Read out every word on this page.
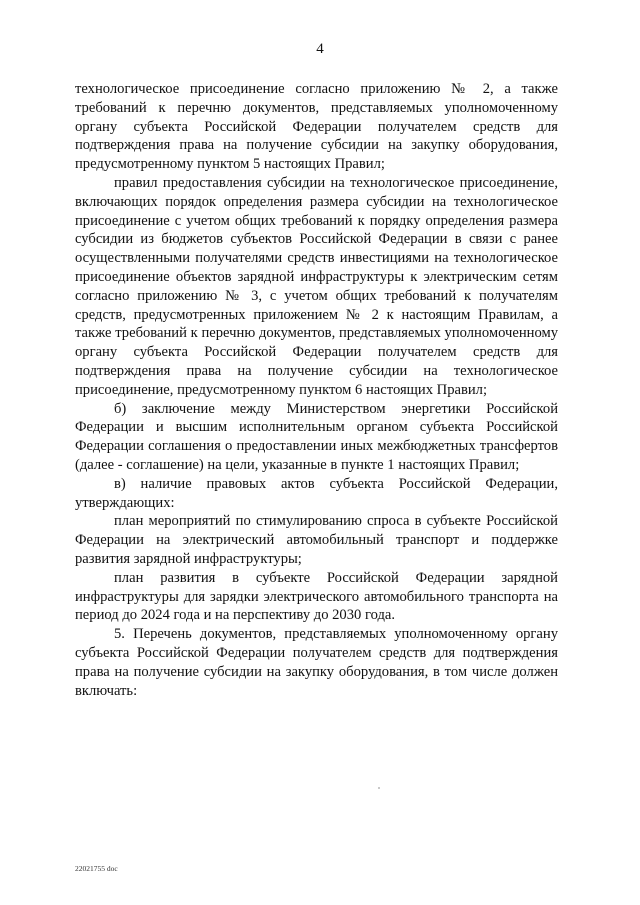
4

технологическое присоединение согласно приложению № 2, а также требований к перечню документов, представляемых уполномоченному органу субъекта Российской Федерации получателем средств для подтверждения права на получение субсидии на закупку оборудования, предусмотренному пунктом 5 настоящих Правил;

правил предоставления субсидии на технологическое присоединение, включающих порядок определения размера субсидии на технологическое присоединение с учетом общих требований к порядку определения размера субсидии из бюджетов субъектов Российской Федерации в связи с ранее осуществленными получателями средств инвестициями на технологическое присоединение объектов зарядной инфраструктуры к электрическим сетям согласно приложению № 3, с учетом общих требований к получателям средств, предусмотренных приложением № 2 к настоящим Правилам, а также требований к перечню документов, представляемых уполномоченному органу субъекта Российской Федерации получателем средств для подтверждения права на получение субсидии на технологическое присоединение, предусмотренному пунктом 6 настоящих Правил;

б) заключение между Министерством энергетики Российской Федерации и высшим исполнительным органом субъекта Российской Федерации соглашения о предоставлении иных межбюджетных трансфертов (далее - соглашение) на цели, указанные в пункте 1 настоящих Правил;

в) наличие правовых актов субъекта Российской Федерации, утверждающих:

план мероприятий по стимулированию спроса в субъекте Российской Федерации на электрический автомобильный транспорт и поддержке развития зарядной инфраструктуры;

план развития в субъекте Российской Федерации зарядной инфраструктуры для зарядки электрического автомобильного транспорта на период до 2024 года и на перспективу до 2030 года.

5. Перечень документов, представляемых уполномоченному органу субъекта Российской Федерации получателем средств для подтверждения права на получение субсидии на закупку оборудования, в том числе должен включать:

22021755 doc
